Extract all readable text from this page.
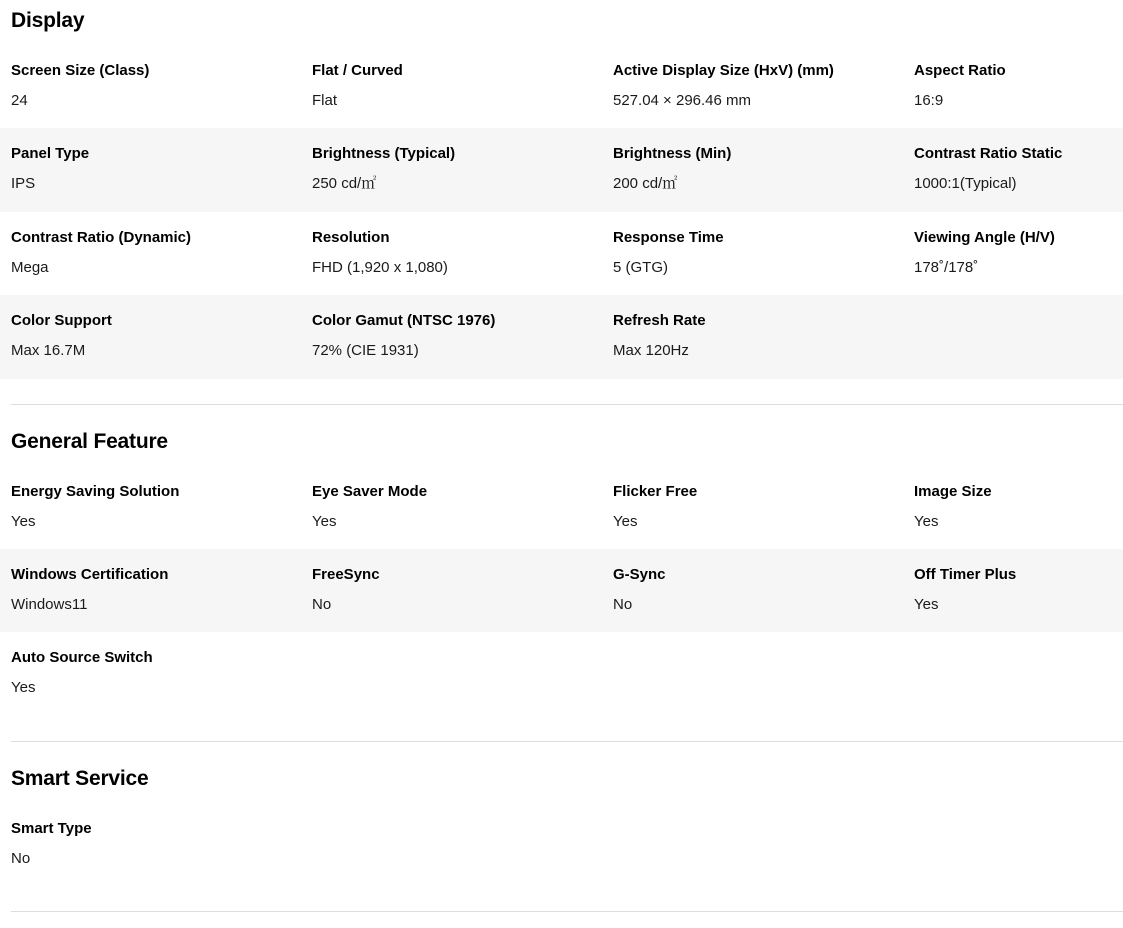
Display
Screen Size (Class)
24
Flat / Curved
Flat
Active Display Size (HxV) (mm)
527.04 × 296.46 mm
Aspect Ratio
16:9
Panel Type
IPS
Brightness (Typical)
250 cd/㎡
Brightness (Min)
200 cd/㎡
Contrast Ratio Static
1000:1(Typical)
Contrast Ratio (Dynamic)
Mega
Resolution
FHD (1,920 x 1,080)
Response Time
5 (GTG)
Viewing Angle (H/V)
178˚/178˚
Color Support
Max 16.7M
Color Gamut (NTSC 1976)
72% (CIE 1931)
Refresh Rate
Max 120Hz
General Feature
Energy Saving Solution
Yes
Eye Saver Mode
Yes
Flicker Free
Yes
Image Size
Yes
Windows Certification
Windows11
FreeSync
No
G-Sync
No
Off Timer Plus
Yes
Auto Source Switch
Yes
Smart Service
Smart Type
No
